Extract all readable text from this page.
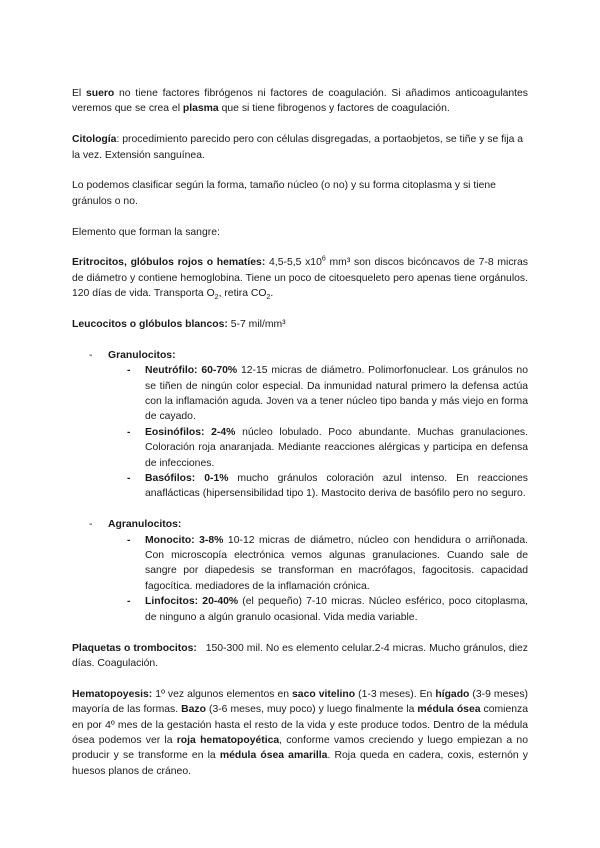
El suero no tiene factores fibrógenos ni factores de coagulación. Si añadimos anticoagulantes veremos que se crea el plasma que si tiene fibrogenos y factores de coagulación.

Citología: procedimiento parecido pero con células disgregadas, a portaobjetos, se tiñe y se fija a la vez. Extensión sanguínea.

Lo podemos clasificar según la forma, tamaño núcleo (o no) y su forma citoplasma y si tiene gránulos o no.

Elemento que forman la sangre:

Eritrocitos, glóbulos rojos o hematíes: 4,5-5,5 $x10^6$ mm³ son discos bicóncavos de 7-8 micras de diámetro y contiene hemoglobina. Tiene un poco de citoesqueleto pero apenas tiene orgánulos. 120 días de vida. Transporta $O_2$, retira $CO_2$.

Leucocitos o glóbulos blancos: 5-7 mil/mm³

-	Granulocitos:
-	Neutrófilo: 60-70% 12-15 micras de diámetro. Polimorfonuclear. Los gránulos no se tiñen de ningún color especial. Da inmunidad natural primero la defensa actúa con la inflamación aguda. Joven va a tener núcleo tipo banda y más viejo en forma de cayado.

-	Eosinófilos: 2-4% núcleo lobulado. Poco abundante. Muchas granulaciones. Coloración roja anaranjada. Mediante reacciones alérgicas y participa en defensa de infecciones.

-	Basófilos: 0-1% mucho gránulos coloración azul intenso. En reacciones anaflácticas (hipersensibilidad tipo 1). Mastocito deriva de basófilo pero no seguro.

-	Agranulocitos:
-	Monocito: 3-8% 10-12 micras de diámetro, núcleo con hendidura o arriñonada. Con microscopía electrónica vemos algunas granulaciones. Cuando sale de sangre por diapedesis se transforman en macrófagos, fagocitosis. capacidad fagocítica. mediadores de la inflamación crónica.

-	Linfocitos: 20-40% (el pequeño) 7-10 micras. Núcleo esférico, poco citoplasma, de ninguno a algún granulo ocasional. Vida media variable.

Plaquetas o trombocitos:   150-300 mil. No es elemento celular.2-4 micras. Mucho gránulos, diez días. Coagulación.

Hematopoyesis: 1º vez algunos elementos en saco vitelino (1-3 meses). En hígado (3-9 meses) mayoría de las formas. Bazo (3-6 meses, muy poco) y luego finalmente la médula ósea comienza en por 4º mes de la gestación hasta el resto de la vida y este produce todos. Dentro de la médula ósea podemos ver la roja hematopoyética, conforme vamos creciendo y luego empiezan a no producir y se transforme en la médula ósea amarilla. Roja queda en cadera, coxis, esternón y huesos planos de cráneo.
